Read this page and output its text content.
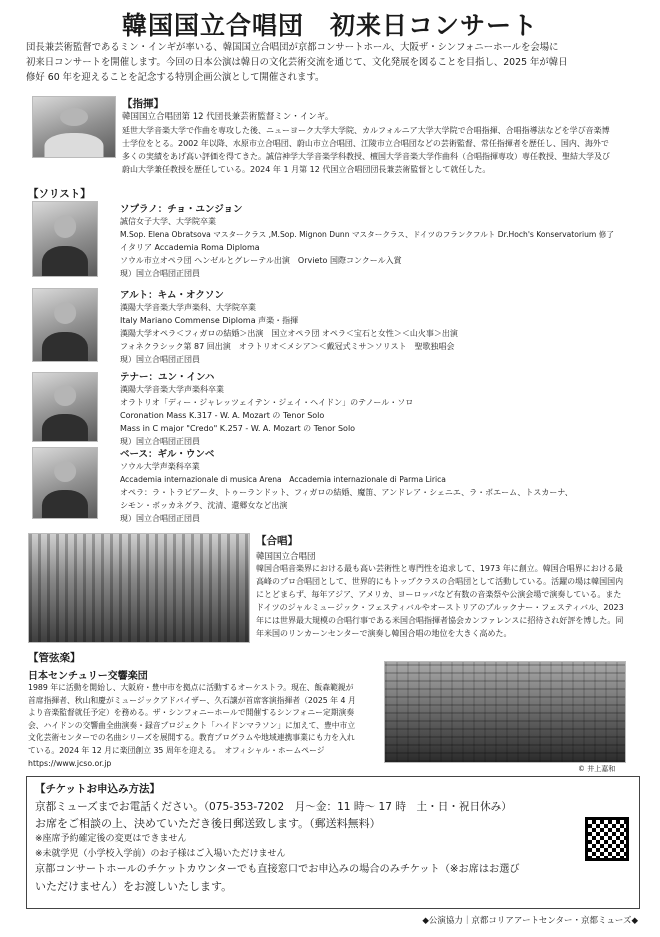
韓国国立合唱団　初来日コンサート
団長兼芸術監督であるミン・インギが率いる、韓国国立合唱団が京都コンサートホール、大阪ザ・シンフォニーホールを会場に
初来日コンサートを開催します。今回の日本公演は韓日の文化芸術交流を通じて、文化発展を図ることを目指し、2025 年が韓日
修好 60 年を迎えることを記念する特別企画公演として開催されます。
【指揮】
韓国国立合唱団第 12 代団長兼芸術監督ミン・インギ。
延世大学音楽大学で作曲を専攻した後、ニューヨーク大学大学院、カルフォルニア大学大学院で合唱指揮、合唱指導法などを学び音楽博
士学位をとる。2002 年以降、水原市立合唱団、蔚山市立合唱団、江陵市立合唱団などの芸術監督、常任指揮者を歴任し、国内、海外で
多くの実績をあげ高い評価を得てきた。誠信神学大学音楽学科教授、檀国大学音楽大学作曲科（合唱指揮専攻）専任教授、聖結大学及び
蔚山大学兼任教授を歴任している。2024 年 1 月第 12 代国立合唱団団長兼芸術監督として就任した。
【ソリスト】
ソプラノ：チョ・ユンジョン
誠信女子大学、大学院卒業
M.Sop. Elena Obratsova マスタークラス ,M.Sop. Mignon Dunn マスタークラス、ドイツのフランクフルト Dr.Hoch's Konservatorium 修了
イタリア Accademia Roma Diploma
ソウル市立オペラ団 ヘンゼルとグレーテル出演　Orvieto 国際コンクール入賞
現）国立合唱団正団員
アルト：キム・オクソン
漢陽大学音楽大学声楽科、大学院卒業
Italy Mariano Commense Diploma 声楽・指揮
漢陽大学オペラ＜フィガロの結婚＞出演　国立オペラ団 オペラ＜宝石と女性＞＜山火事＞出演
フォネクラシック第 87 回出演　オラトリオ＜メシア＞＜戴冠式ミサ＞ソリスト　聖歌独唱会
現）国立合唱団正団員
テナー：ユン・インハ
漢陽大学音楽大学声楽科卒業
オラトリオ「ディー・ジャレッツェイテン・ジェイ・ヘイドン」のテノール・ソロ
Coronation Mass K.317 - W. A. Mozart の Tenor Solo
Mass in C major "Credo" K.257 - W. A. Mozart の Tenor Solo
現）国立合唱団正団員
ベース：ギル・ウンベ
ソウル大学声楽科卒業
Accademia internazionale di musica Arena　Accademia internazionale di Parma Lirica
オペラ：ラ・トラビアータ、トゥーランドット、フィガロの結婚、魔笛、アンドレア・シェニエ、ラ・ボエーム、トスカーナ、
シモン・ボッカネグラ、沈清、還郷女など出演
現）国立合唱団正団員
【合唱】
韓国国立合唱団
韓国合唱音楽界における最も高い芸術性と専門性を追求して、1973 年に創立。韓国合唱界における最
高峰のプロ合唱団として、世界的にもトップクラスの合唱団として活動している。活躍の場は韓国国内
にとどまらず、毎年アジア、アメリカ、ヨーロッパなど有数の音楽祭や公演会場で演奏している。また
ドイツのジャルミュージック・フェスティバルやオーストリアのブルックナー・フェスティバル、2023
年には世界最大規模の合唱行事である米国合唱指揮者協会カンファレンスに招待され好評を博した。同
年米国のリンカーンセンターで演奏し韓国合唱の地位を大きく高めた。
【管弦楽】
日本センチュリー交響楽団
1989 年に活動を開始し、大阪府・豊中市を拠点に活動するオーケストラ。現在、飯森範親が
首席指揮者、秋山和慶がミュージックアドバイザー、久石譲が首席客演指揮者（2025 年 4 月
より音楽監督就任予定）を務める。ザ・シンフォニーホールで開催するシンフォニー定期演奏
会、ハイドンの交響曲全曲演奏・録音プロジェクト「ハイドンマラソン」に加えて、豊中市立
文化芸術センターでの名曲シリーズを展開する。教育プログラムや地域連携事業にも力を入れ
ている。2024 年 12 月に楽団創立 35 周年を迎える。　オフィシャル・ホームページ
https://www.jcso.or.jp
© 井上嘉和
【チケットお申込み方法】
京都ミューズまでお電話ください。（075-353-7202　月～金：11 時～ 17 時　土・日・祝日休み）
お席をご相談の上、決めていただき後日郵送致します。（郵送料無料）
※座席予約確定後の変更はできません
※未就学児（小学校入学前）のお子様はご入場いただけません
京都コンサートホールのチケットカウンターでも直接窓口でお申込みの場合のみチケット（※お席はお選び
いただけません）をお渡しいたします。
◆公演協力｜京都コリアアートセンター・京都ミューズ◆
